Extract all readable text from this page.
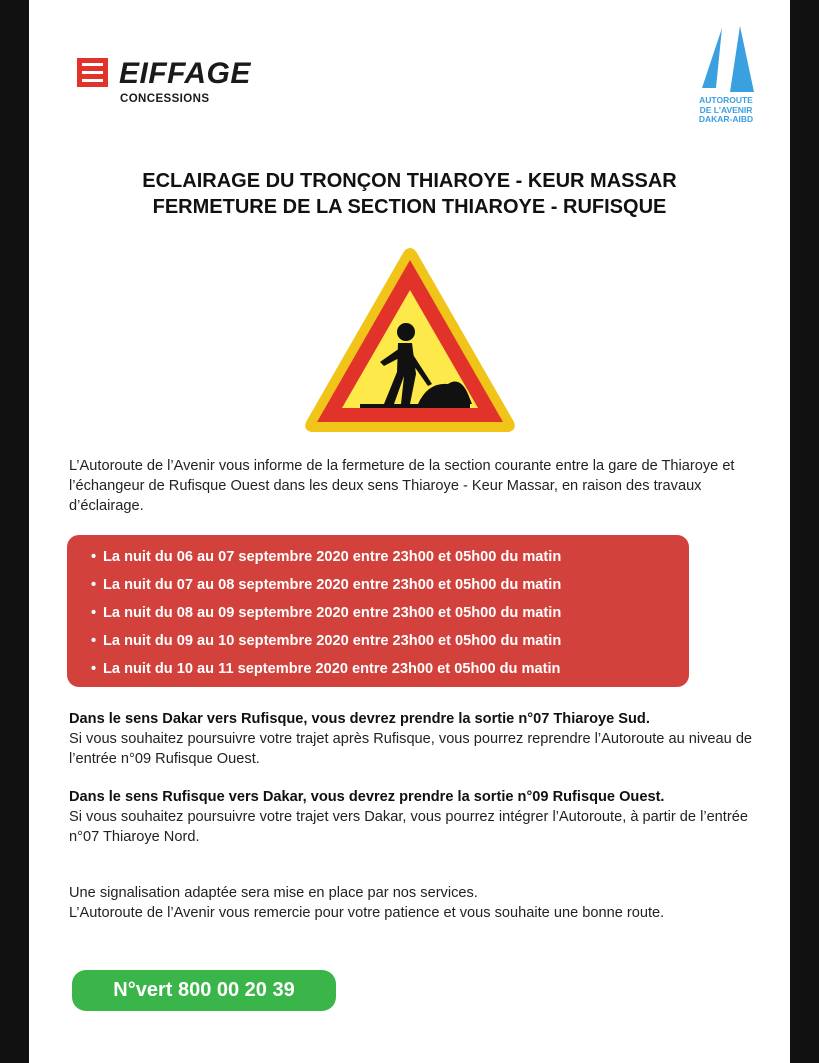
EIFFAGE
CONCESSIONS	AUTOROUTE
DE L'AVENIR
DAKAR-AIBD
ECLAIRAGE DU TRONÇON THIAROYE - KEUR MASSAR
FERMETURE DE LA SECTION THIAROYE - RUFISQUE
L’Autoroute de l’Avenir vous informe de la fermeture de la section courante entre la gare de Thiaroye et l’échangeur de Rufisque Ouest dans les deux sens Thiaroye - Keur Massar, en raison des travaux d’éclairage.
• La nuit du 06 au 07 septembre 2020 entre 23h00 et 05h00 du matin
• La nuit du 07 au 08 septembre 2020 entre 23h00 et 05h00 du matin
• La nuit du 08 au 09 septembre 2020 entre 23h00 et 05h00 du matin
• La nuit du 09 au 10 septembre 2020 entre 23h00 et 05h00 du matin
• La nuit du 10 au 11 septembre 2020 entre 23h00 et 05h00 du matin
Dans le sens Dakar vers Rufisque, vous devrez prendre la sortie n°07 Thiaroye Sud.
Si vous souhaitez poursuivre votre trajet après Rufisque, vous pourrez reprendre l’Autoroute au niveau de l’entrée n°09 Rufisque Ouest.
Dans le sens Rufisque vers Dakar, vous devrez prendre la sortie n°09 Rufisque Ouest.
Si vous souhaitez poursuivre votre trajet vers Dakar, vous pourrez intégrer l’Autoroute, à partir de l’entrée n°07 Thiaroye Nord.
Une signalisation adaptée sera mise en place par nos services.
L’Autoroute de l’Avenir vous remercie pour votre patience et vous souhaite une bonne route.
N°vert 800 00 20 39
